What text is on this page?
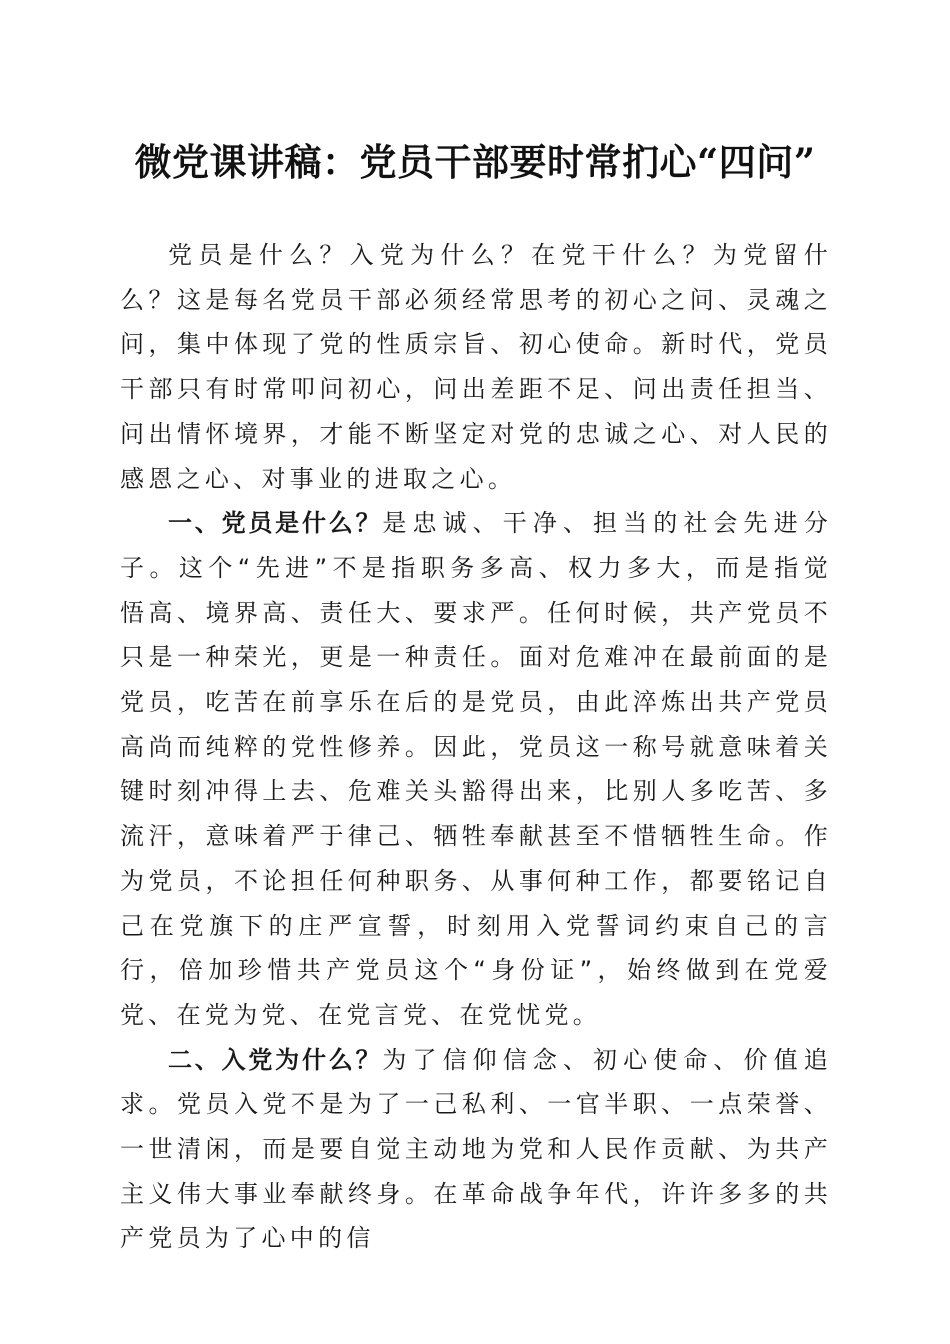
微党课讲稿：党员干部要时常扪心“四问”

党员是什么？入党为什么？在党干什么？为党留什么？这是每名党员干部必须经常思考的初心之问、灵魂之问，集中体现了党的性质宗旨、初心使命。新时代，党员干部只有时常叩问初心，问出差距不足、问出责任担当、问出情怀境界，才能不断坚定对党的忠诚之心、对人民的感恩之心、对事业的进取之心。

一、党员是什么？是忠诚、干净、担当的社会先进分子。这个“先进”不是指职务多高、权力多大，而是指觉悟高、境界高、责任大、要求严。任何时候，共产党员不只是一种荣光，更是一种责任。面对危难冲在最前面的是党员，吃苦在前享乐在后的是党员，由此淬炼出共产党员高尚而纯粹的党性修养。因此，党员这一称号就意味着关键时刻冲得上去、危难关头豁得出来，比别人多吃苦、多流汗，意味着严于律己、牺牲奉献甚至不惜牺牲生命。作为党员，不论担任何种职务、从事何种工作，都要铭记自己在党旗下的庄严宣誓，时刻用入党誓词约束自己的言行，倍加珍惜共产党员这个“身份证”，始终做到在党爱党、在党为党、在党言党、在党忧党。

二、入党为什么？为了信仰信念、初心使命、价值追求。党员入党不是为了一己私利、一官半职、一点荣誉、一世清闲，而是要自觉主动地为党和人民作贡献、为共产主义伟大事业奉献终身。在革命战争年代，许许多多的共产党员为了心中的信
